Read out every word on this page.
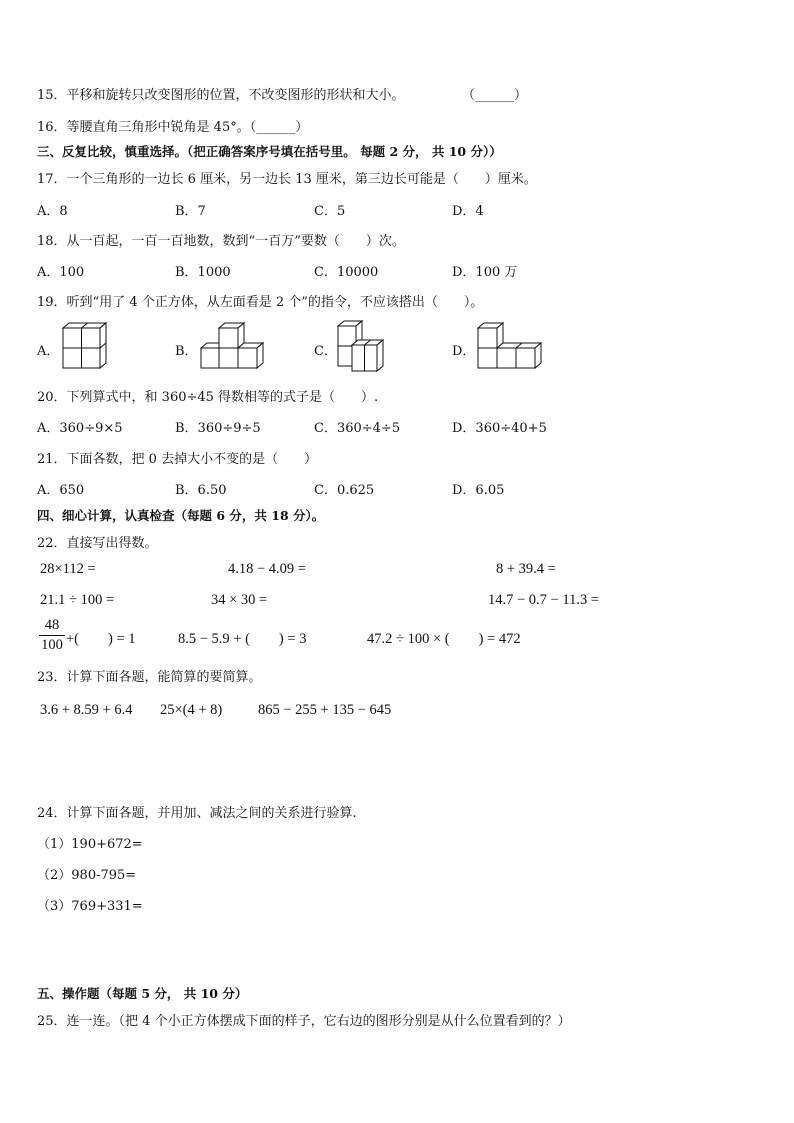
15．平移和旋转只改变图形的位置，不改变图形的形状和大小。	（______）
16．等腰直角三角形中锐角是 45°。（______）
三、反复比较，慎重选择。（把正确答案序号填在括号里。 每题 2 分， 共 10 分））
17．一个三角形的一边长 6 厘米，另一边长 13 厘米，第三边长可能是（　　）厘米。
A．8	B．7	C．5	D．4
18．从一百起，一百一百地数，数到“一百万”要数（　　）次。
A．100	B．1000	C．10000	D．100 万
19．听到“用了 4 个正方体，从左面看是 2 个”的指令，不应该搭出（　　）。
A．	B．	C．	D．
20．下列算式中，和 360÷45 得数相等的式子是（　　）.
A．360÷9×5	B．360÷9÷5	C．360÷4÷5	D．360÷40+5
21．下面各数，把 0 去掉大小不变的是（　　）
A．650	B．6.50	C．0.625	D．6.05
四、细心计算，认真检查（每题 6 分，共 18 分）。
22．直接写出得数。
28×112 =	4.18 − 4.09 =	8 + 39.4 =
21.1 ÷ 100 =	34 × 30 =	14.7 − 0.7 − 11.3 =
48
100 +(　　) = 1	8.5 − 5.9 + (　　) = 3	47.2 ÷ 100 × (　　) = 472
23．计算下面各题，能简算的要简算。
3.6 + 8.59 + 6.4 25×(4 + 8) 865 − 255 + 135 − 645
24．计算下面各题，并用加、减法之间的关系进行验算.
（1）190+672=
（2）980-795=
（3）769+331=
五、操作题（每题 5 分， 共 10 分）
25．连一连。（把 4 个小正方体摆成下面的样子，它右边的图形分别是从什么位置看到的？）
